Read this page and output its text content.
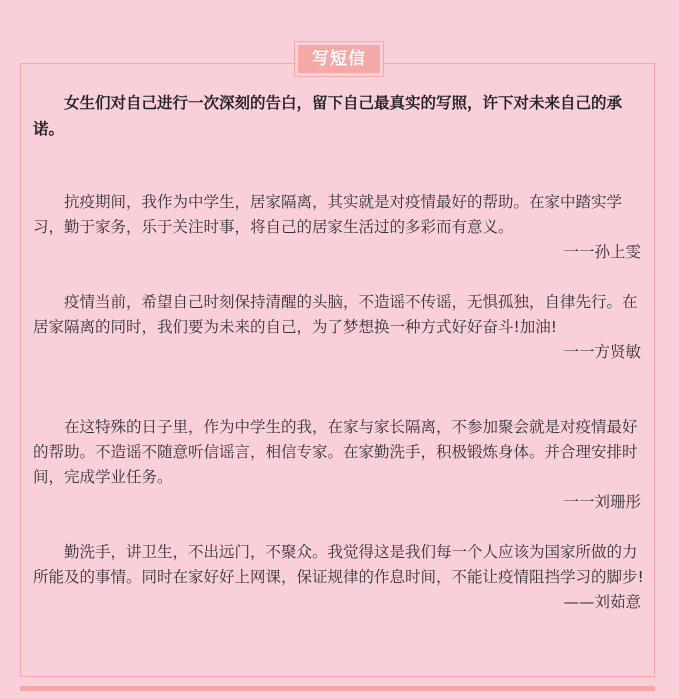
写短信

女生们对自己进行一次深刻的告白，留下自己最真实的写照，许下对未来自己的承诺。

抗疫期间，我作为中学生，居家隔离，其实就是对疫情最好的帮助。在家中踏实学习，勤于家务，乐于关注时事，将自己的居家生活过的多彩而有意义。

一一孙上雯

疫情当前，希望自己时刻保持清醒的头脑，不造谣不传谣，无惧孤独，自律先行。在居家隔离的同时，我们要为未来的自己，为了梦想换一种方式好好奋斗!加油!

一一方贤敏

在这特殊的日子里，作为中学生的我，在家与家长隔离，不参加聚会就是对疫情最好的帮助。不造谣不随意听信谣言，相信专家。在家勤洗手，积极锻炼身体。并合理安排时间，完成学业任务。

一一刘珊彤

勤洗手，讲卫生，不出远门，不聚众。我觉得这是我们每一个人应该为国家所做的力所能及的事情。同时在家好好上网课，保证规律的作息时间，不能让疫情阻挡学习的脚步!

——刘茹意
